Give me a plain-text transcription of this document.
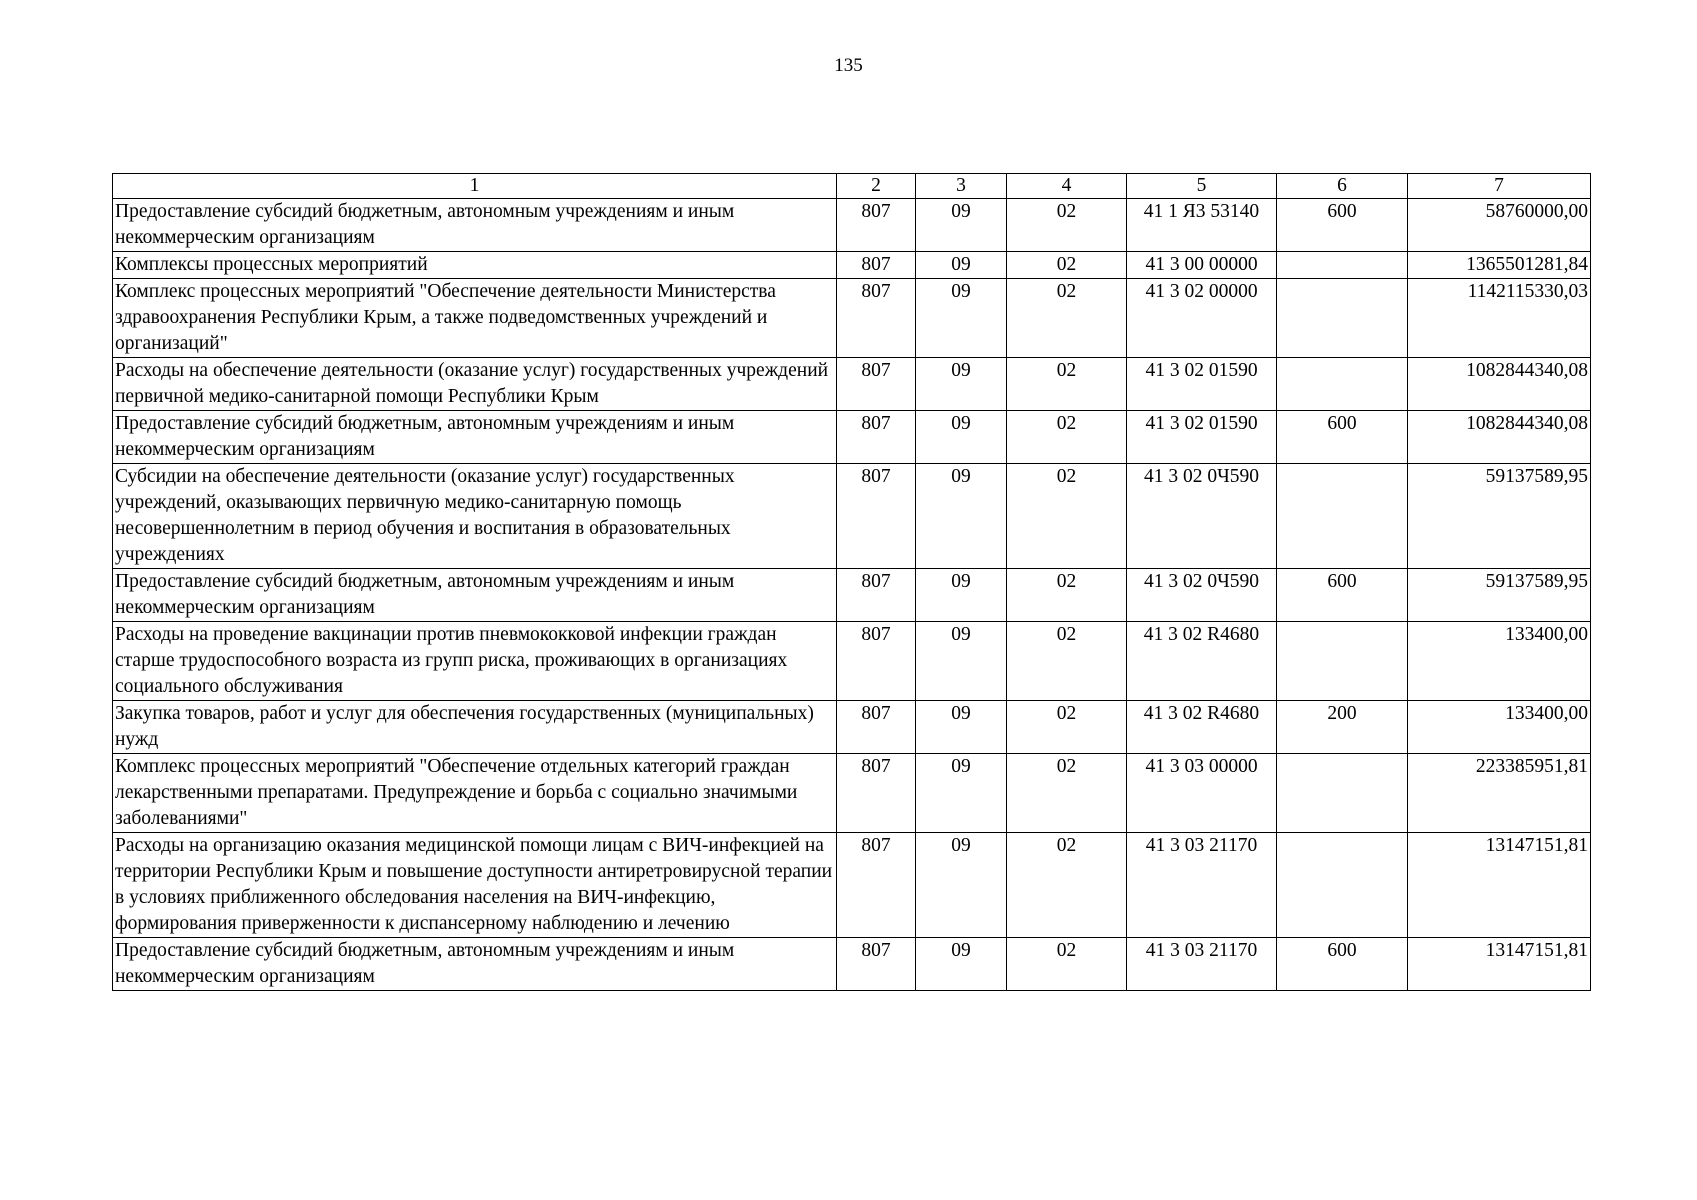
135
1	2	3	4	5	6	7
Предоставление субсидий бюджетным, автономным учреждениям и иным некоммерческим организациям	807	09	02	41 1 Я3 53140	600	58760000,00
Комплексы процессных мероприятий	807	09	02	41 3 00 00000		1365501281,84
Комплекс процессных мероприятий "Обеспечение деятельности Министерства здравоохранения Республики Крым, а также подведомственных учреждений и организаций"	807	09	02	41 3 02 00000		1142115330,03
Расходы на обеспечение деятельности (оказание услуг) государственных учреждений первичной медико-санитарной помощи Республики Крым	807	09	02	41 3 02 01590		1082844340,08
Предоставление субсидий бюджетным, автономным учреждениям и иным некоммерческим организациям	807	09	02	41 3 02 01590	600	1082844340,08
Субсидии на обеспечение деятельности (оказание услуг) государственных учреждений, оказывающих первичную медико-санитарную помощь несовершеннолетним в период обучения и воспитания в образовательных учреждениях	807	09	02	41 3 02 0Ч590		59137589,95
Предоставление субсидий бюджетным, автономным учреждениям и иным некоммерческим организациям	807	09	02	41 3 02 0Ч590	600	59137589,95
Расходы на проведение вакцинации против пневмококковой инфекции граждан старше трудоспособного возраста из групп риска, проживающих в организациях социального обслуживания	807	09	02	41 3 02 R4680		133400,00
Закупка товаров, работ и услуг для обеспечения государственных (муниципальных) нужд	807	09	02	41 3 02 R4680	200	133400,00
Комплекс процессных мероприятий "Обеспечение отдельных категорий граждан лекарственными препаратами. Предупреждение и борьба с социально значимыми заболеваниями"	807	09	02	41 3 03 00000		223385951,81
Расходы на организацию оказания медицинской помощи лицам с ВИЧ-инфекцией на территории Республики Крым и повышение доступности антиретровирусной терапии в условиях приближенного обследования населения на ВИЧ-инфекцию, формирования приверженности к диспансерному наблюдению и лечению	807	09	02	41 3 03 21170		13147151,81
Предоставление субсидий бюджетным, автономным учреждениям и иным некоммерческим организациям	807	09	02	41 3 03 21170	600	13147151,81
